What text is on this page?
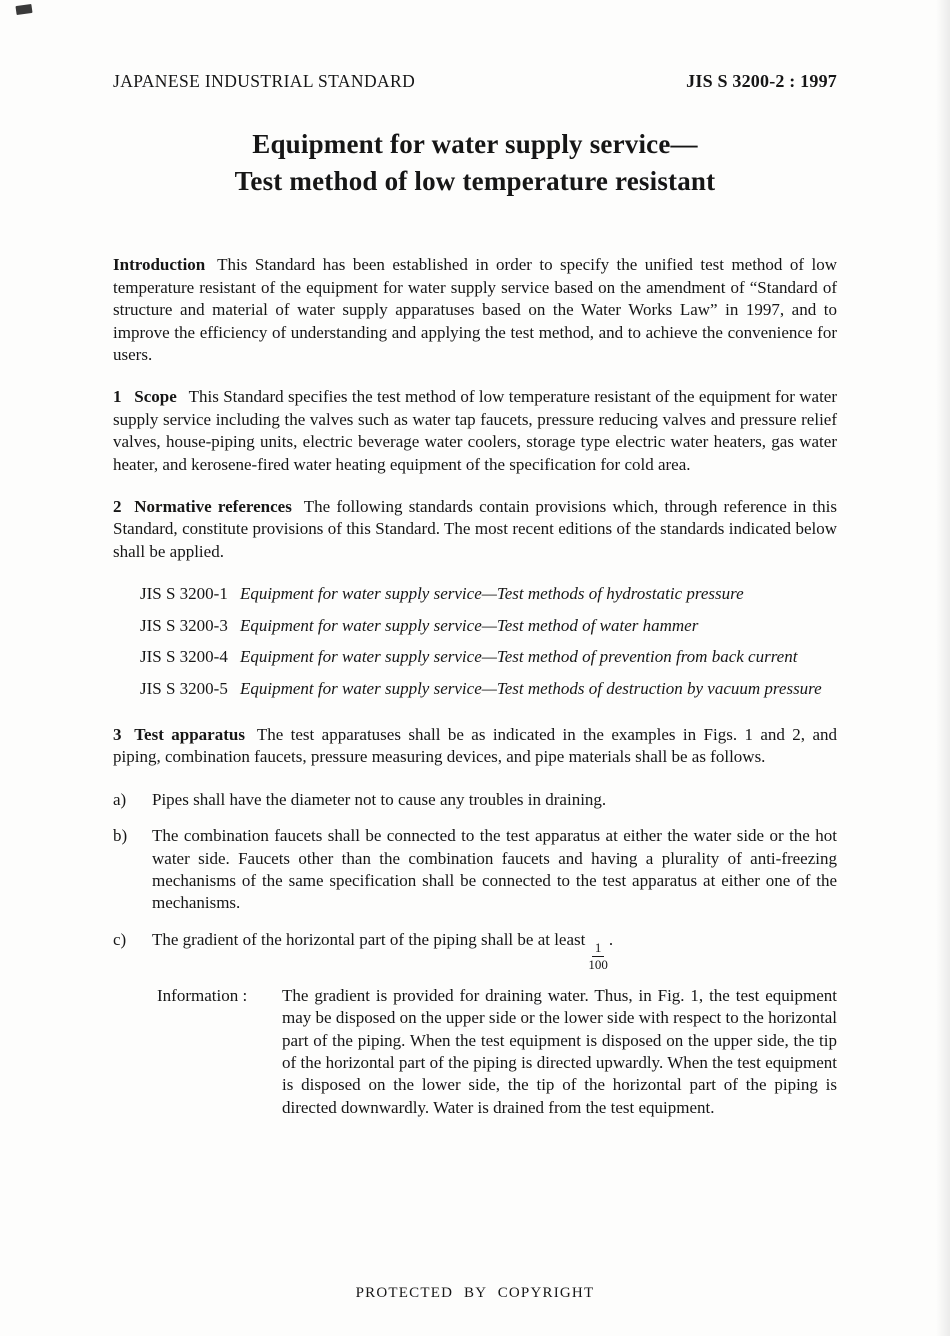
JAPANESE INDUSTRIAL STANDARD	JIS S 3200-2 : 1997
Equipment for water supply service—
Test method of low temperature resistant

Introduction This Standard has been established in order to specify the unified test method of low temperature resistant of the equipment for water supply service based on the amendment of “Standard of structure and material of water supply apparatuses based on the Water Works Law” in 1997, and to improve the efficiency of understanding and applying the test method, and to achieve the convenience for users.

1 Scope This Standard specifies the test method of low temperature resistant of the equipment for water supply service including the valves such as water tap faucets, pressure reducing valves and pressure relief valves, house-piping units, electric beverage water coolers, storage type electric water heaters, gas water heater, and kerosene-fired water heating equipment of the specification for cold area.

2 Normative references The following standards contain provisions which, through reference in this Standard, constitute provisions of this Standard. The most recent editions of the standards indicated below shall be applied.

JIS S 3200-1 Equipment for water supply service—Test methods of hydrostatic pressure
JIS S 3200-3 Equipment for water supply service—Test method of water hammer
JIS S 3200-4 Equipment for water supply service—Test method of prevention from back current
JIS S 3200-5 Equipment for water supply service—Test methods of destruction by vacuum pressure

3 Test apparatus The test apparatuses shall be as indicated in the examples in Figs. 1 and 2, and piping, combination faucets, pressure measuring devices, and pipe materials shall be as follows.

a)	Pipes shall have the diameter not to cause any troubles in draining.

b)	The combination faucets shall be connected to the test apparatus at either the water side or the hot water side. Faucets other than the combination faucets and having a plurality of anti-freezing mechanisms of the same specification shall be connected to the test apparatus at either one of the mechanisms.

c)	The gradient of the horizontal part of the piping shall be at least
$\frac{1}{100}$
.

Information :	The gradient is provided for draining water. Thus, in Fig. 1, the test equipment may be disposed on the upper side or the lower side with respect to the horizontal part of the piping. When the test equipment is disposed on the upper side, the tip of the horizontal part of the piping is directed upwardly. When the test equipment is disposed on the lower side, the tip of the horizontal part of the piping is directed downwardly. Water is drained from the test equipment.

PROTECTED BY COPYRIGHT
